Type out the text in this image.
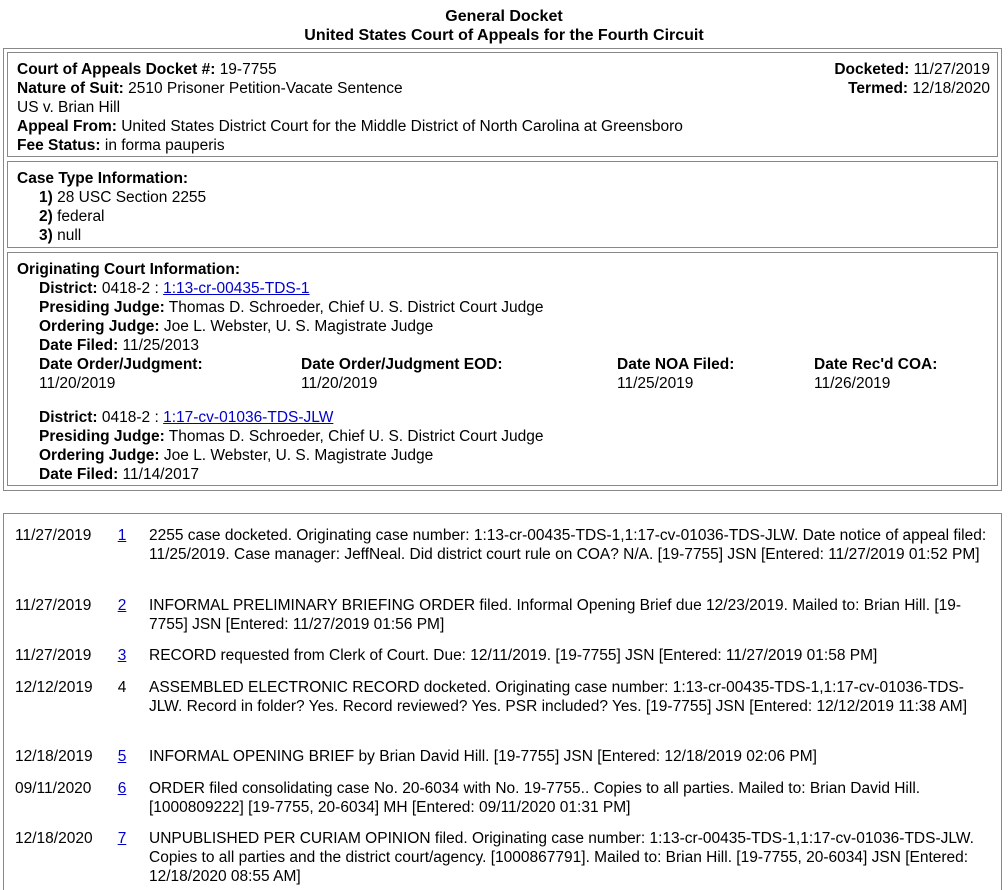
General Docket
United States Court of Appeals for the Fourth Circuit
Docketed: 11/27/2019
Termed: 12/18/2020
Court of Appeals Docket #: 19-7755
Nature of Suit: 2510 Prisoner Petition-Vacate Sentence
US v. Brian Hill
Appeal From: United States District Court for the Middle District of North Carolina at Greensboro
Fee Status: in forma pauperis
Case Type Information:
1) 28 USC Section 2255
2) federal
3) null
Originating Court Information:
District: 0418-2 : 1:13-cr-00435-TDS-1
Presiding Judge: Thomas D. Schroeder, Chief U. S. District Court Judge
Ordering Judge: Joe L. Webster, U. S. Magistrate Judge
Date Filed: 11/25/2013
Date Order/Judgment:
11/20/2019
Date Order/Judgment EOD:
11/20/2019
Date NOA Filed:
11/25/2019
Date Rec'd COA:
11/26/2019
District: 0418-2 : 1:17-cv-01036-TDS-JLW
Presiding Judge: Thomas D. Schroeder, Chief U. S. District Court Judge
Ordering Judge: Joe L. Webster, U. S. Magistrate Judge
Date Filed: 11/14/2017
11/27/2019	1	2255 case docketed. Originating case number: 1:13-cr-00435-TDS-1,1:17-cv-01036-TDS-JLW. Date notice of appeal filed: 11/25/2019. Case manager: JeffNeal. Did district court rule on COA? N/A. [19-7755] JSN [Entered: 11/27/2019 01:52 PM]
11/27/2019	2	INFORMAL PRELIMINARY BRIEFING ORDER filed. Informal Opening Brief due 12/23/2019. Mailed to: Brian Hill. [19-7755] JSN [Entered: 11/27/2019 01:56 PM]
11/27/2019	3	RECORD requested from Clerk of Court. Due: 12/11/2019. [19-7755] JSN [Entered: 11/27/2019 01:58 PM]
12/12/2019	4	ASSEMBLED ELECTRONIC RECORD docketed. Originating case number: 1:13-cr-00435-TDS-1,1:17-cv-01036-TDS-JLW. Record in folder? Yes. Record reviewed? Yes. PSR included? Yes. [19-7755] JSN [Entered: 12/12/2019 11:38 AM]
12/18/2019	5	INFORMAL OPENING BRIEF by Brian David Hill. [19-7755] JSN [Entered: 12/18/2019 02:06 PM]
09/11/2020	6	ORDER filed consolidating case No. 20-6034 with No. 19-7755.. Copies to all parties. Mailed to: Brian David Hill. [1000809222] [19-7755, 20-6034] MH [Entered: 09/11/2020 01:31 PM]
12/18/2020	7	UNPUBLISHED PER CURIAM OPINION filed. Originating case number: 1:13-cr-00435-TDS-1,1:17-cv-01036-TDS-JLW. Copies to all parties and the district court/agency. [1000867791]. Mailed to: Brian Hill. [19-7755, 20-6034] JSN [Entered: 12/18/2020 08:55 AM]
